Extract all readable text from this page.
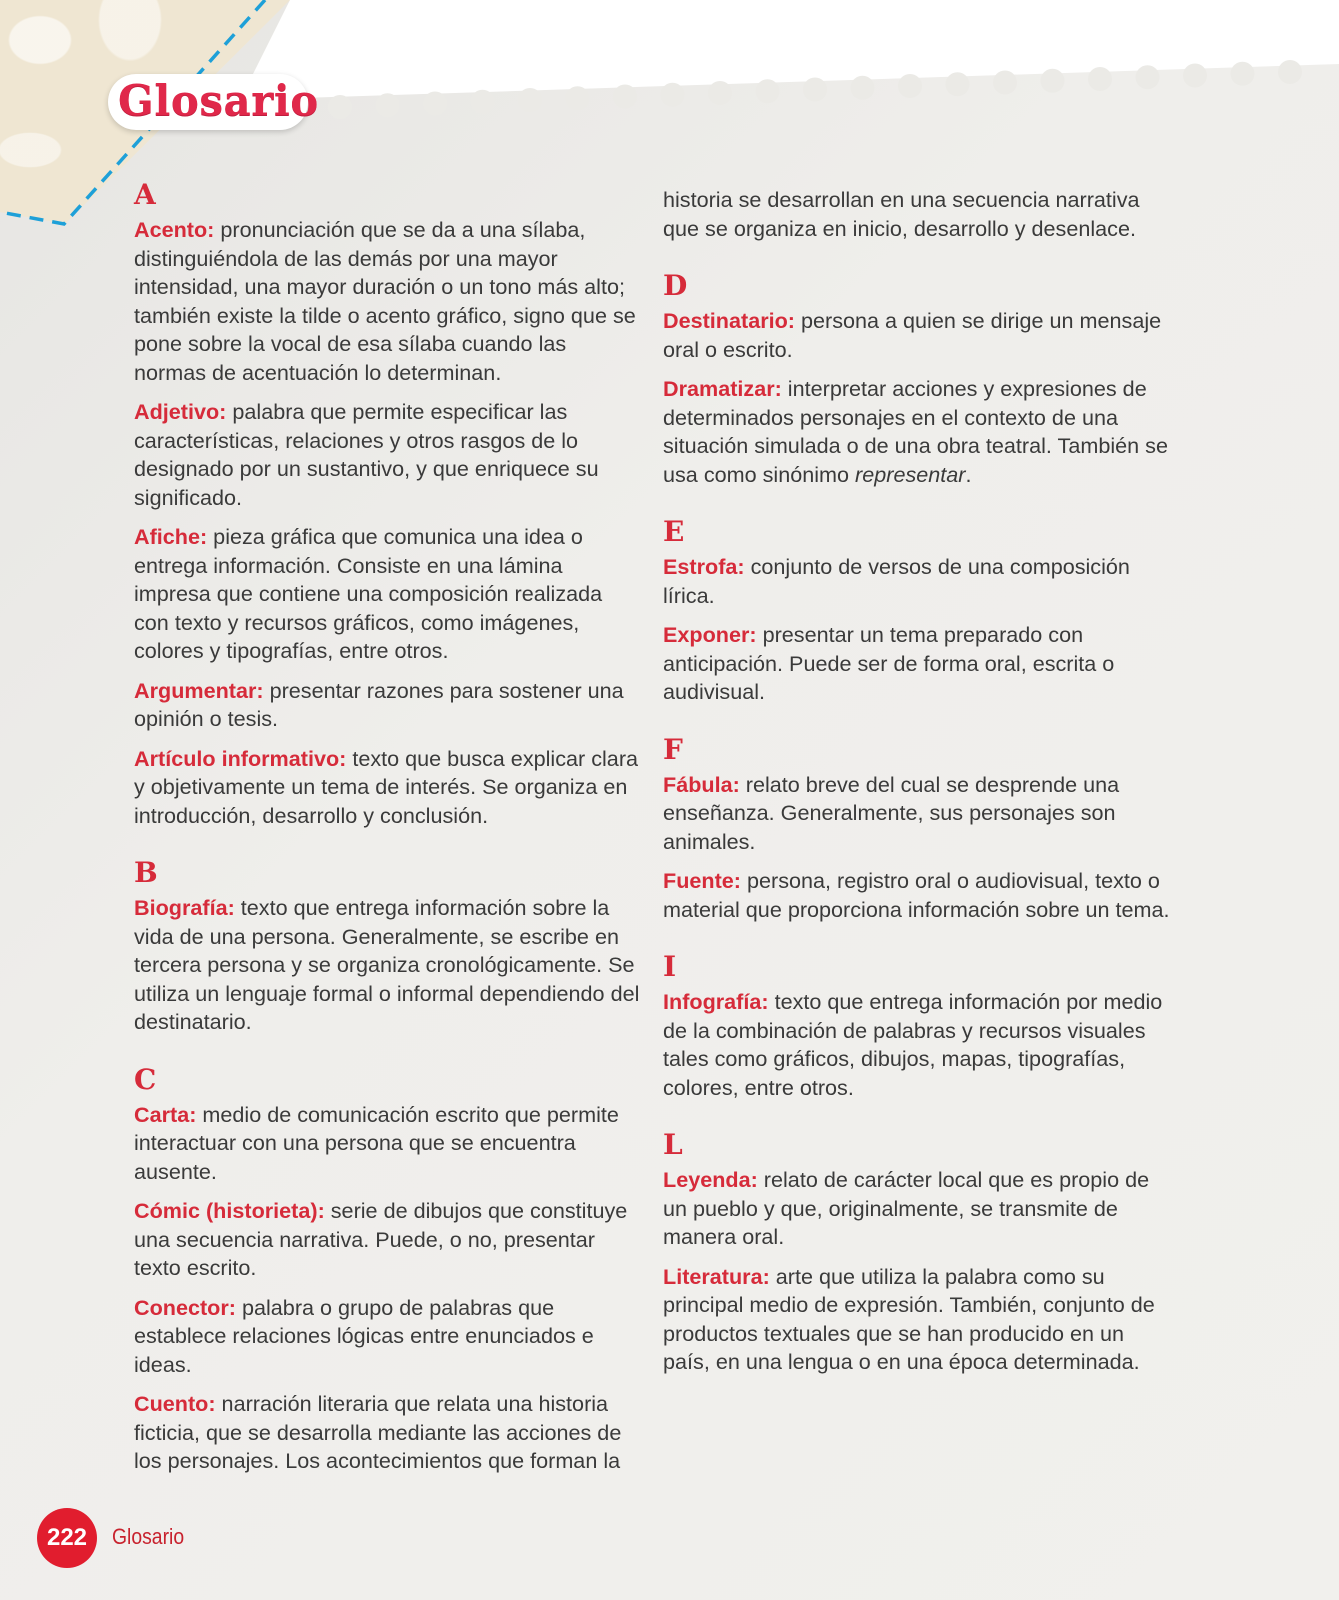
Glosario
A

Acento: pronunciación que se da a una sílaba, distinguiéndola de las demás por una mayor intensidad, una mayor duración o un tono más alto; también existe la tilde o acento gráfico, signo que se pone sobre la vocal de esa sílaba cuando las normas de acentuación lo determinan.

Adjetivo: palabra que permite especificar las características, relaciones y otros rasgos de lo designado por un sustantivo, y que enriquece su significado.

Afiche: pieza gráfica que comunica una idea o entrega información. Consiste en una lámina impresa que contiene una composición realizada con texto y recursos gráficos, como imágenes, colores y tipografías, entre otros.

Argumentar: presentar razones para sostener una opinión o tesis.

Artículo informativo: texto que busca explicar clara y objetivamente un tema de interés. Se organiza en introducción, desarrollo y conclusión.

B

Biografía: texto que entrega información sobre la vida de una persona. Generalmente, se escribe en tercera persona y se organiza cronológicamente. Se utiliza un lenguaje formal o informal dependiendo del destinatario.

C

Carta: medio de comunicación escrito que permite interactuar con una persona que se encuentra ausente.

Cómic (historieta): serie de dibujos que constituye una secuencia narrativa. Puede, o no, presentar texto escrito.

Conector: palabra o grupo de palabras que establece relaciones lógicas entre enunciados e ideas.

Cuento: narración literaria que relata una historia ficticia, que se desarrolla mediante las acciones de los personajes. Los acontecimientos que forman la

historia se desarrollan en una secuencia narrativa que se organiza en inicio, desarrollo y desenlace.

D

Destinatario: persona a quien se dirige un mensaje oral o escrito.

Dramatizar: interpretar acciones y expresiones de determinados personajes en el contexto de una situación simulada o de una obra teatral. También se usa como sinónimo representar.

E

Estrofa: conjunto de versos de una composición lírica.

Exponer: presentar un tema preparado con anticipación. Puede ser de forma oral, escrita o audivisual.

F

Fábula: relato breve del cual se desprende una enseñanza. Generalmente, sus personajes son animales.

Fuente: persona, registro oral o audiovisual, texto o material que proporciona información sobre un tema.

I

Infografía: texto que entrega información por medio de la combinación de palabras y recursos visuales tales como gráficos, dibujos, mapas, tipografías, colores, entre otros.

L

Leyenda: relato de carácter local que es propio de un pueblo y que, originalmente, se transmite de manera oral.

Literatura: arte que utiliza la palabra como su principal medio de expresión. También, conjunto de productos textuales que se han producido en un país, en una lengua o en una época determinada.

222 Glosario
